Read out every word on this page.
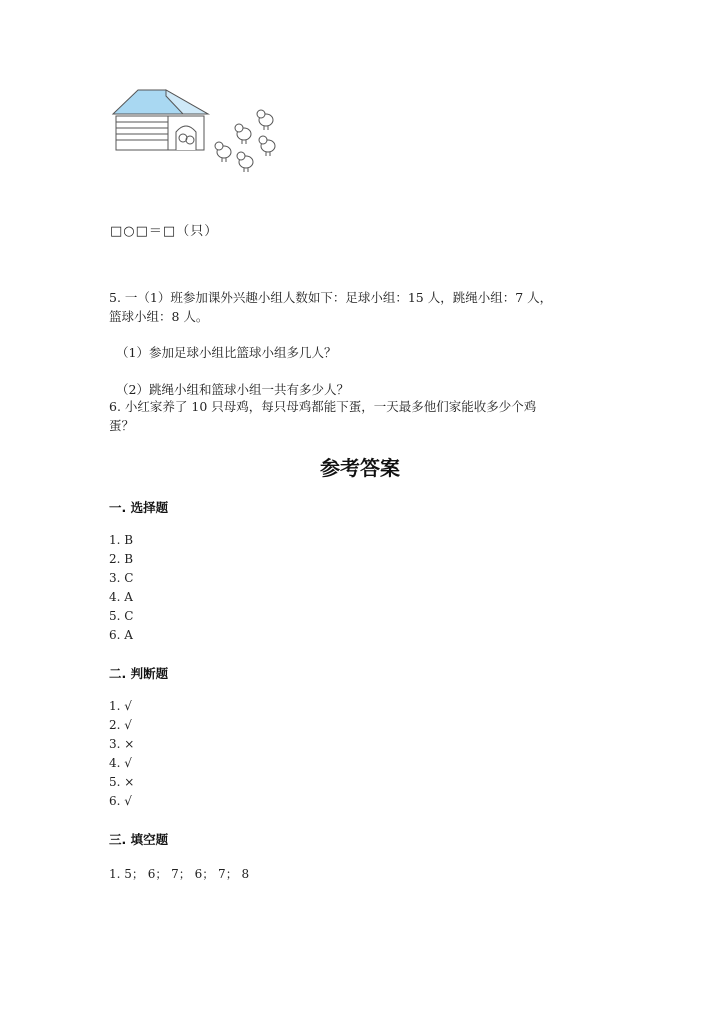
□○□＝□（只）
5. 一（1）班参加课外兴趣小组人数如下：足球小组：15 人，跳绳小组：7 人，
篮球小组：8 人。
（1）参加足球小组比篮球小组多几人？
（2）跳绳小组和篮球小组一共有多少人？
6. 小红家养了 10 只母鸡，每只母鸡都能下蛋，一天最多他们家能收多少个鸡
蛋？
参考答案
一. 选择题
1. B
2. B
3. C
4. A
5. C
6. A
二. 判断题
1. √
2. √
3. ×
4. √
5. ×
6. √
三. 填空题
1. 5； 6； 7； 6； 7； 8
